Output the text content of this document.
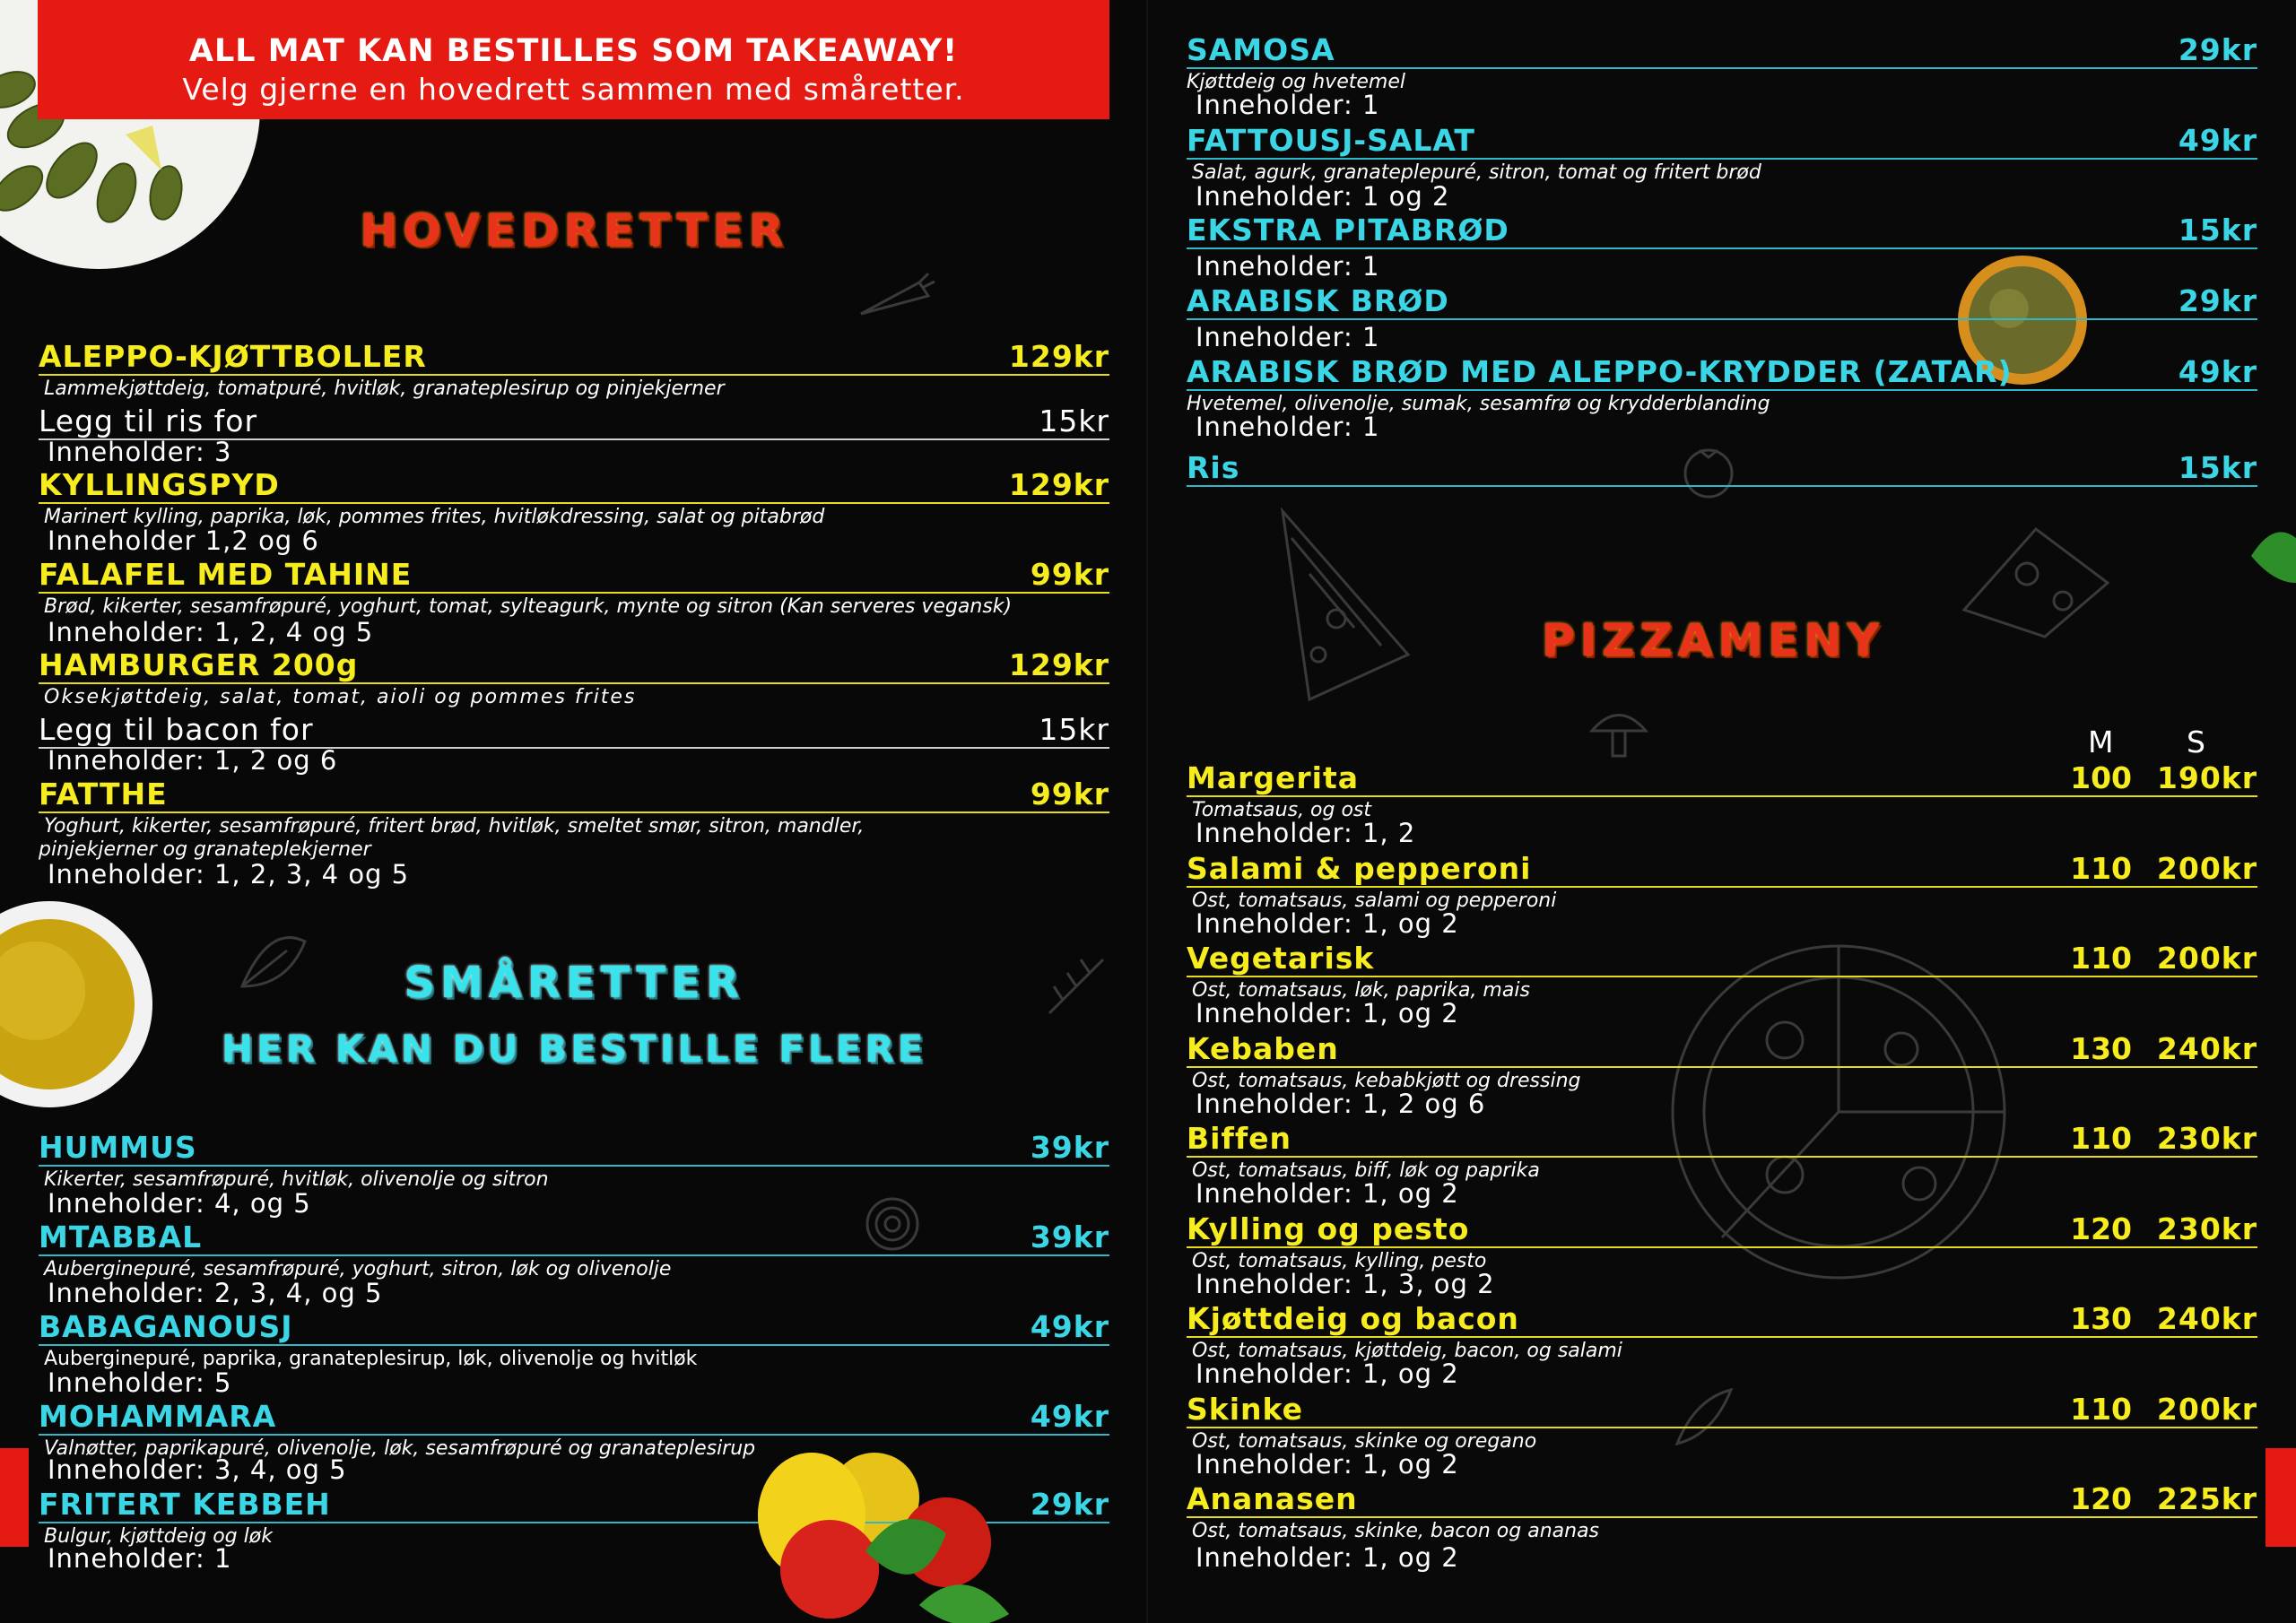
ALL MAT KAN BESTILLES SOM TAKEAWAY!
Velg gjerne en hovedrett sammen med småretter.
HOVEDRETTER
ALEPPO-KJØTTBOLLER	129kr
Lammekjøttdeig, tomatpuré, hvitløk, granateplesirup og pinjekjerner
Legg til ris for	15kr
Inneholder: 3
KYLLINGSPYD	129kr
Marinert kylling, paprika, løk, pommes frites, hvitløkdressing, salat og pitabrød
Inneholder 1,2 og 6
FALAFEL MED TAHINE	99kr
Brød, kikerter, sesamfrøpuré, yoghurt, tomat, sylteagurk, mynte og sitron (Kan serveres vegansk)
Inneholder: 1, 2, 4 og 5
HAMBURGER 200g	129kr
Oksekjøttdeig, salat, tomat, aioli og pommes frites
Legg til bacon for	15kr
Inneholder: 1, 2 og 6
FATTHE	99kr
Yoghurt, kikerter, sesamfrøpuré, fritert brød, hvitløk, smeltet smør, sitron, mandler,
pinjekjerner og granateplekjerner
Inneholder: 1, 2, 3, 4 og 5
SMÅRETTER
HER KAN DU BESTILLE FLERE
HUMMUS	39kr
Kikerter, sesamfrøpuré, hvitløk, olivenolje og sitron
Inneholder: 4, og 5
MTABBAL	39kr
Auberginepuré, sesamfrøpuré, yoghurt, sitron, løk og olivenolje
Inneholder: 2, 3, 4, og 5
BABAGANOUSJ	49kr
Auberginepuré, paprika, granateplesirup, løk, olivenolje og hvitløk
Inneholder: 5
MOHAMMARA	49kr
Valnøtter, paprikapuré, olivenolje, løk, sesamfrøpuré og granateplesirup
Inneholder: 3, 4, og 5
FRITERT KEBBEH	29kr
Bulgur, kjøttdeig og løk
Inneholder: 1
SAMOSA	29kr
Kjøttdeig og hvetemel
Inneholder: 1
FATTOUSJ-SALAT	49kr
Salat, agurk, granateplepuré, sitron, tomat og fritert brød
Inneholder: 1 og 2
EKSTRA PITABRØD	15kr
Inneholder: 1
ARABISK BRØD	29kr
Inneholder: 1
ARABISK BRØD MED ALEPPO-KRYDDER (ZATAR)	49kr
Hvetemel, olivenolje, sumak, sesamfrø og krydderblanding
Inneholder: 1
Ris	15kr
PIZZAMENY
M S
Margerita	100 190kr
Tomatsaus, og ost
Inneholder: 1, 2
Salami & pepperoni	110 200kr
Ost, tomatsaus, salami og pepperoni
Inneholder: 1, og 2
Vegetarisk	110 200kr
Ost, tomatsaus, løk, paprika, mais
Inneholder: 1, og 2
Kebaben	130 240kr
Ost, tomatsaus, kebabkjøtt og dressing
Inneholder: 1, 2 og 6
Biffen	110 230kr
Ost, tomatsaus, biff, løk og paprika
Inneholder: 1, og 2
Kylling og pesto	120 230kr
Ost, tomatsaus, kylling, pesto
Inneholder: 1, 3, og 2
Kjøttdeig og bacon	130 240kr
Ost, tomatsaus, kjøttdeig, bacon, og salami
Inneholder: 1, og 2
Skinke	110 200kr
Ost, tomatsaus, skinke og oregano
Inneholder: 1, og 2
Ananasen	120 225kr
Ost, tomatsaus, skinke, bacon og ananas
Inneholder: 1, og 2
